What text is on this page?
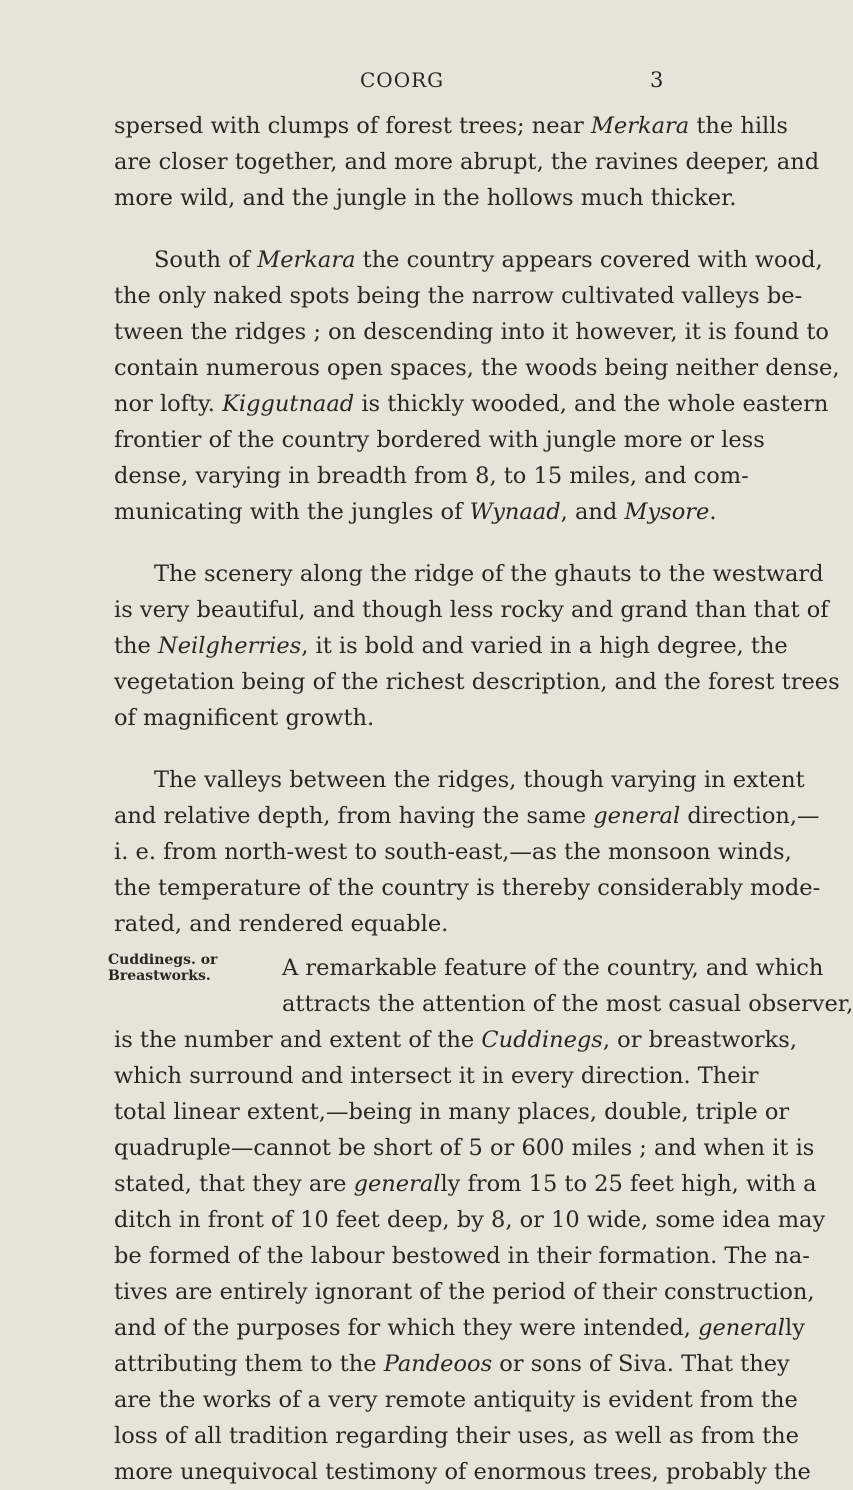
COORG	3
spersed with clumps of forest trees; near Merkara the hills
are closer together, and more abrupt, the ravines deeper, and
more wild, and the jungle in the hollows much thicker.
South of Merkara the country appears covered with wood,
the only naked spots being the narrow cultivated valleys be-
tween the ridges ; on descending into it however, it is found to
contain numerous open spaces, the woods being neither dense,
nor lofty. Kiggutnaad is thickly wooded, and the whole eastern
frontier of the country bordered with jungle more or less
dense, varying in breadth from 8, to 15 miles, and com-
municating with the jungles of Wynaad, and Mysore.
The scenery along the ridge of the ghauts to the westward
is very beautiful, and though less rocky and grand than that of
the Neilgherries, it is bold and varied in a high degree, the
vegetation being of the richest description, and the forest trees
of magnificent growth.
The valleys between the ridges, though varying in extent
and relative depth, from having the same general direction,—
i. e. from north-west to south-east,—as the monsoon winds,
the temperature of the country is thereby considerably mode-
rated, and rendered equable.
Cuddinegs. or
Breastworks.	A remarkable feature of the country, and which
attracts the attention of the most casual observer,
is the number and extent of the Cuddinegs, or breastworks,
which surround and intersect it in every direction. Their
total linear extent,—being in many places, double, triple or
quadruple—cannot be short of 5 or 600 miles ; and when it is
stated, that they are generally from 15 to 25 feet high, with a
ditch in front of 10 feet deep, by 8, or 10 wide, some idea may
be formed of the labour bestowed in their formation. The na-
tives are entirely ignorant of the period of their construction,
and of the purposes for which they were intended, generally
attributing them to the Pandeoos or sons of Siva. That they
are the works of a very remote antiquity is evident from the
loss of all tradition regarding their uses, as well as from the
more unequivocal testimony of enormous trees, probably the
